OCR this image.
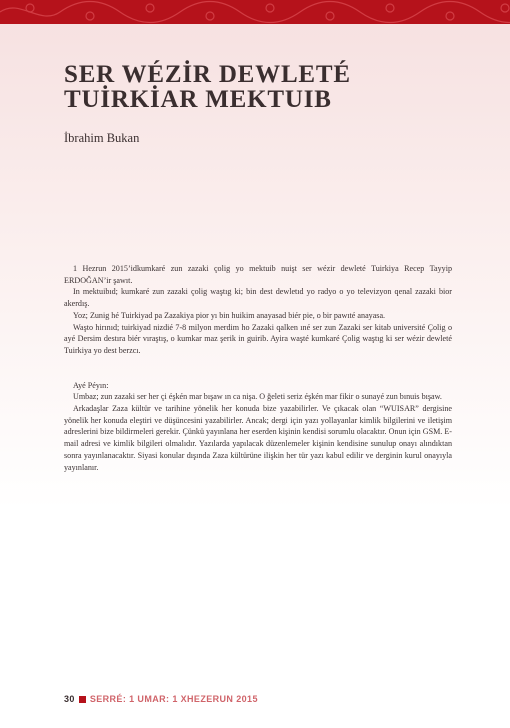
SER WÉZİR DEWLETÉ
TUİRKİAR MEKTUIB
İbrahim Bukan

1 Hezrun 2015’idkumkaré zun zazaki çolig yo mektuib nuişt ser wézir dewleté Tuirkiya Recep Tayyip ERDOĞAN’ir şawıt.

In mektuibıd; kumkaré zun zazaki çolig waştıg ki; bin dest dewletıd yo radyo o yo televizyon qenal zazaki bior akerdış.

Yoz; Zunig hé Tuirkiyad pa Zazakiya pior yı bin huikim anayasad biér pie, o bir pawıté anayasa.

Waşto hirınıd; tuirkiyad nizdié 7-8 milyon merdim ho Zazaki qalken ıné ser zun Zazaki ser kitab université Çolig o ayé Dersim destıra biér vıraştış, o kumkar maz şerik in guirib. Ayira waşté kumkaré Çolig waştıg ki ser wézir dewleté Tuirkiya yo dest berzcı.

Ayé Péyın:

Umbaz; zun zazaki ser her çi éşkén mar bışaw ın ca nişa. O ğeleti seriz éşkén mar fikir o sunayé zun bınuis bışaw.

Arkadaşlar Zaza kültür ve tarihine yönelik her konuda bize yazabilirler. Ve çıkacak olan “WUISAR” dergisine yönelik her konuda eleştiri ve düşüncesini yazabilirler. Ancak; dergi için yazı yollayanlar kimlik bilgilerini ve iletişim adreslerini bize bildirmeleri gerekir. Çünkü yayınlana her eserden kişinin kendisi sorumlu olacaktır. Onun için GSM. E-mail adresi ve kimlik bilgileri olmalıdır. Yazılarda yapılacak düzenlemeler kişinin kendisine sunulup onayı alındıktan sonra yayınlanacaktır. Siyasi konular dışında Zaza kültürüne ilişkin her tür yazı kabul edilir ve derginin kurul onayıyla yayınlanır.

30 SERRÉ: 1 UMAR: 1 XHEZERUN 2015
